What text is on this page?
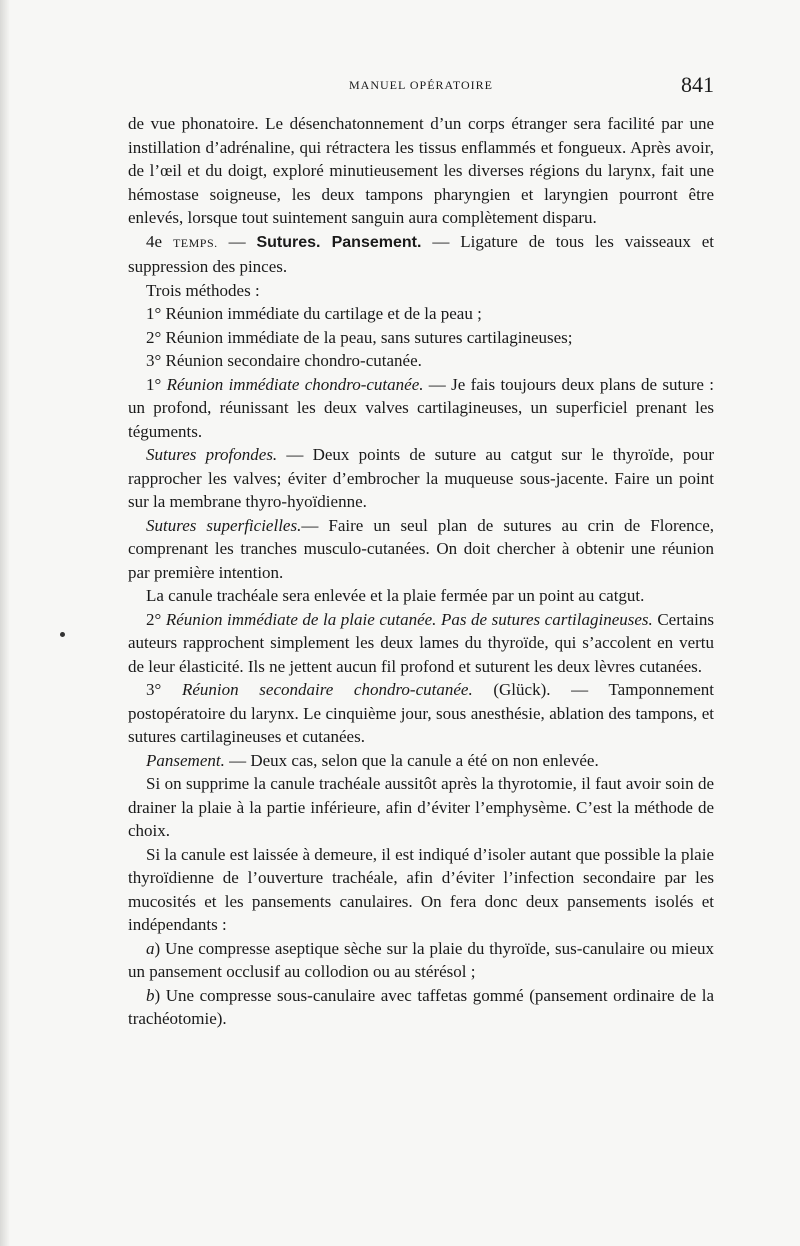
MANUEL OPÉRATOIRE	841

de vue phonatoire. Le désenchatonnement d’un corps étranger sera facilité par une instillation d’adrénaline, qui rétractera les tissus enflammés et fongueux. Après avoir, de l’œil et du doigt, exploré minutieusement les diverses régions du larynx, fait une hémostase soigneuse, les deux tampons pharyngien et laryngien pourront être enlevés, lorsque tout suintement sanguin aura complètement disparu.

4e TEMPS. — Sutures. Pansement. — Ligature de tous les vaisseaux et suppression des pinces.

Trois méthodes :

1° Réunion immédiate du cartilage et de la peau ;

2° Réunion immédiate de la peau, sans sutures cartilagineuses;

3° Réunion secondaire chondro-cutanée.

1° Réunion immédiate chondro-cutanée. — Je fais toujours deux plans de suture : un profond, réunissant les deux valves cartilagineuses, un superficiel prenant les téguments.

Sutures profondes. — Deux points de suture au catgut sur le thyroïde, pour rapprocher les valves; éviter d’embrocher la muqueuse sous-jacente. Faire un point sur la membrane thyro-hyoïdienne.

Sutures superficielles.— Faire un seul plan de sutures au crin de Florence, comprenant les tranches musculo-cutanées. On doit chercher à obtenir une réunion par première intention.

La canule trachéale sera enlevée et la plaie fermée par un point au catgut.

2° Réunion immédiate de la plaie cutanée. Pas de sutures cartilagineuses. Certains auteurs rapprochent simplement les deux lames du thyroïde, qui s’accolent en vertu de leur élasticité. Ils ne jettent aucun fil profond et suturent les deux lèvres cutanées.

3° Réunion secondaire chondro-cutanée. (Glück). — Tamponnement postopératoire du larynx. Le cinquième jour, sous anesthésie, ablation des tampons, et sutures cartilagineuses et cutanées.

Pansement. — Deux cas, selon que la canule a été on non enlevée.

Si on supprime la canule trachéale aussitôt après la thyrotomie, il faut avoir soin de drainer la plaie à la partie inférieure, afin d’éviter l’emphysème. C’est la méthode de choix.

Si la canule est laissée à demeure, il est indiqué d’isoler autant que possible la plaie thyroïdienne de l’ouverture trachéale, afin d’éviter l’infection secondaire par les mucosités et les pansements canulaires. On fera donc deux pansements isolés et indépendants :

a) Une compresse aseptique sèche sur la plaie du thyroïde, sus-canulaire ou mieux un pansement occlusif au collodion ou au stérésol ;

b) Une compresse sous-canulaire avec taffetas gommé (pansement ordinaire de la trachéotomie).
